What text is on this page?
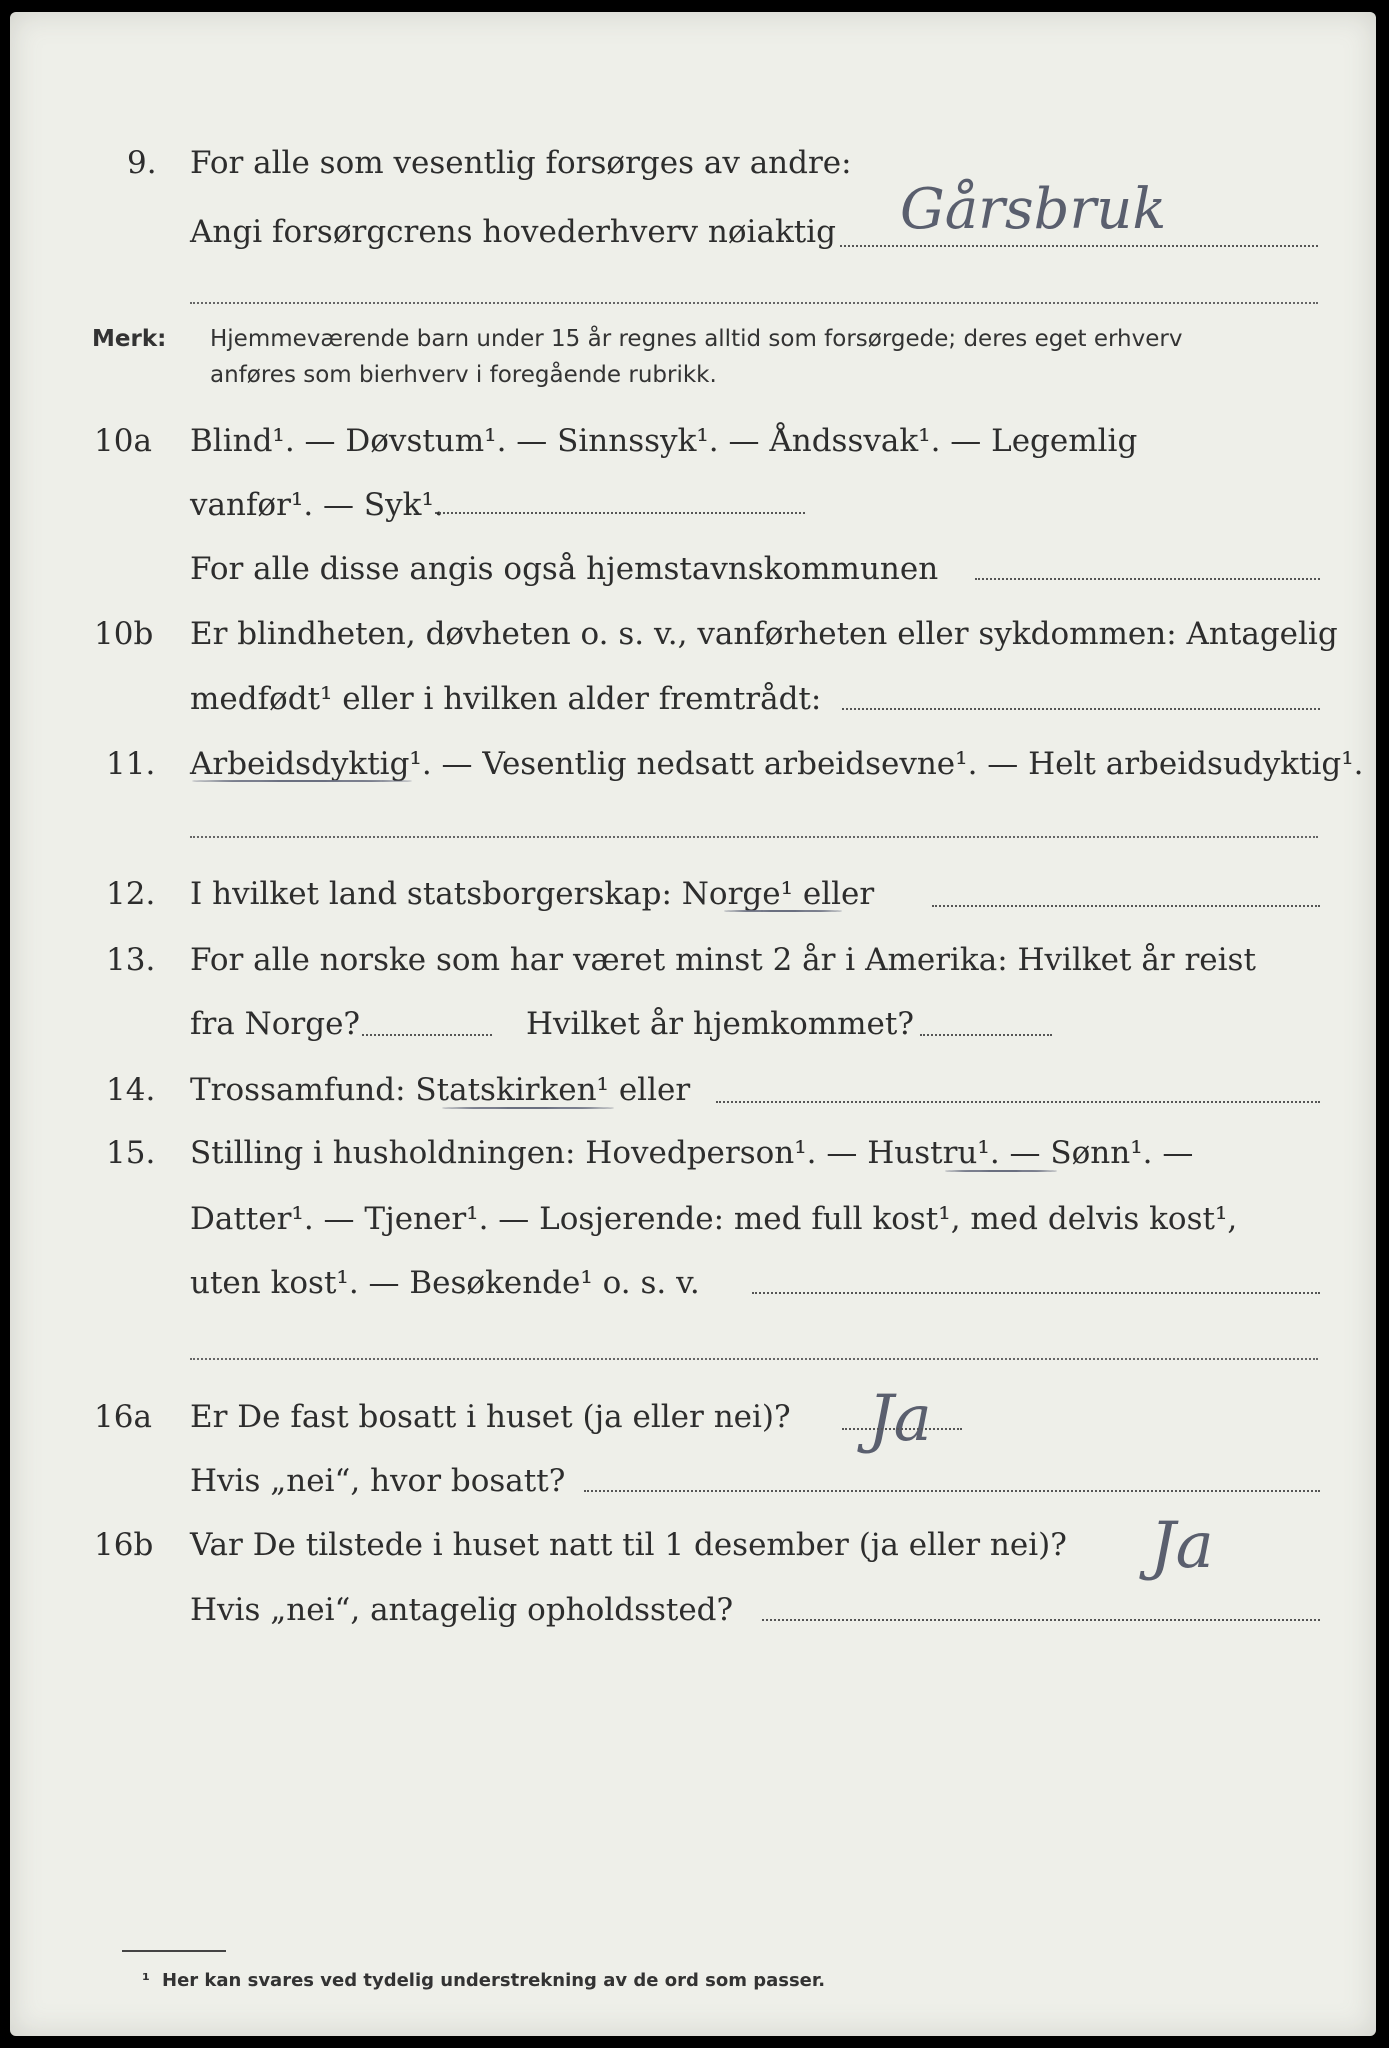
9. For alle som vesentlig forsørges av andre:
Angi forsørgcrens hovederhverv nøiaktig Gårsbruk
Merk: Hjemmeværende barn under 15 år regnes alltid som forsørgede; deres eget erhverv
anføres som bierhverv i foregående rubrikk.
10a Blind¹. — Døvstum¹. — Sinnssyk¹. — Åndssvak¹. — Legemlig
vanfør¹. — Syk¹.
For alle disse angis også hjemstavnskommunen
10b Er blindheten, døvheten o. s. v., vanførheten eller sykdommen: Antagelig
medfødt¹ eller i hvilken alder fremtrådt:
11. Arbeidsdyktig¹. — Vesentlig nedsatt arbeidsevne¹. — Helt arbeidsudyktig¹.
12. I hvilket land statsborgerskap: Norge¹ eller
13. For alle norske som har været minst 2 år i Amerika: Hvilket år reist
fra Norge?	Hvilket år hjemkommet?
14. Trossamfund: Statskirken¹ eller
15. Stilling i husholdningen: Hovedperson¹. — Hustru¹. — Sønn¹. —
Datter¹. — Tjener¹. — Losjerende: med full kost¹, med delvis kost¹,
uten kost¹. — Besøkende¹ o. s. v.
16a Er De fast bosatt i huset (ja eller nei)? Ja
Hvis „nei“, hvor bosatt?
16b Var De tilstede i huset natt til 1 desember (ja eller nei)? Ja
Hvis „nei“, antagelig opholdssted?
¹ Her kan svares ved tydelig understrekning av de ord som passer.
